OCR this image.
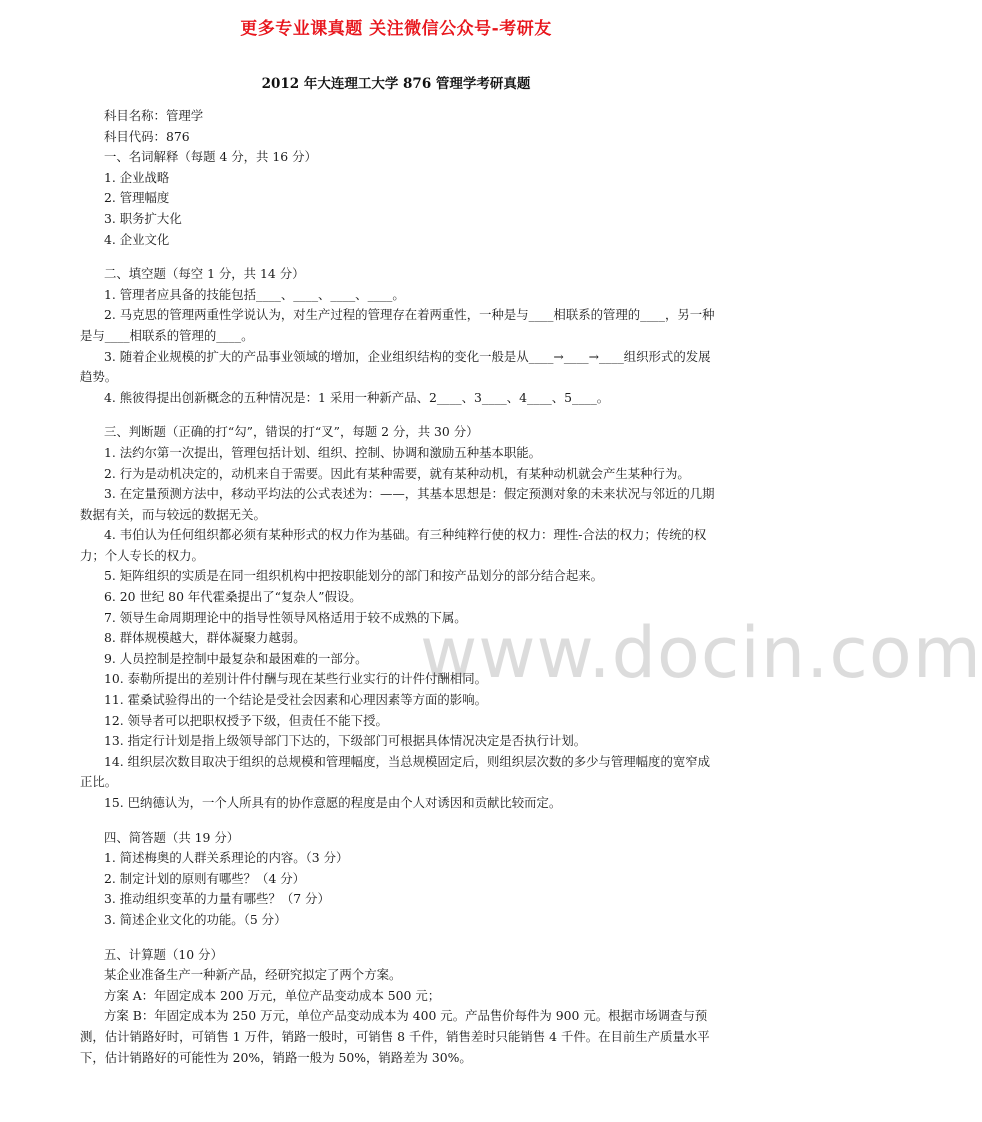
更多专业课真题 关注微信公众号-考研友
2012 年大连理工大学 876 管理学考研真题
科目名称：管理学
科目代码：876
一、名词解释（每题 4 分，共 16 分）
1. 企业战略
2. 管理幅度
3. 职务扩大化
4. 企业文化
二、填空题（每空 1 分，共 14 分）
1. 管理者应具备的技能包括____、____、____、____。
2. 马克思的管理两重性学说认为，对生产过程的管理存在着两重性，一种是与____相联系的管理的____，另一种是与____相联系的管理的____。
3. 随着企业规模的扩大的产品事业领域的增加，企业组织结构的变化一般是从____→____→____组织形式的发展趋势。
4. 熊彼得提出创新概念的五种情况是：1 采用一种新产品、2____、3____、4____、5____。
三、判断题（正确的打“勾”，错误的打“叉”，每题 2 分，共 30 分）
1. 法约尔第一次提出，管理包括计划、组织、控制、协调和激励五种基本职能。
2. 行为是动机决定的，动机来自于需要。因此有某种需要，就有某种动机，有某种动机就会产生某种行为。
3. 在定量预测方法中，移动平均法的公式表述为：——，其基本思想是：假定预测对象的未来状况与邻近的几期数据有关，而与较远的数据无关。
4. 韦伯认为任何组织都必须有某种形式的权力作为基础。有三种纯粹行使的权力：理性-合法的权力；传统的权力；个人专长的权力。
5. 矩阵组织的实质是在同一组织机构中把按职能划分的部门和按产品划分的部分结合起来。
6. 20 世纪 80 年代霍桑提出了“复杂人”假设。
7. 领导生命周期理论中的指导性领导风格适用于较不成熟的下属。
8. 群体规模越大，群体凝聚力越弱。
9. 人员控制是控制中最复杂和最困难的一部分。
10. 泰勒所提出的差别计件付酬与现在某些行业实行的计件付酬相同。
11. 霍桑试验得出的一个结论是受社会因素和心理因素等方面的影响。
12. 领导者可以把职权授予下级，但责任不能下授。
13. 指定行计划是指上级领导部门下达的，下级部门可根据具体情况决定是否执行计划。
14. 组织层次数目取决于组织的总规模和管理幅度，当总规模固定后，则组织层次数的多少与管理幅度的宽窄成正比。
15. 巴纳德认为，一个人所具有的协作意愿的程度是由个人对诱因和贡献比较而定。
四、简答题（共 19 分）
1. 简述梅奥的人群关系理论的内容。（3 分）
2. 制定计划的原则有哪些？（4 分）
3. 推动组织变革的力量有哪些？（7 分）
3. 简述企业文化的功能。（5 分）
五、计算题（10 分）
某企业准备生产一种新产品，经研究拟定了两个方案。
方案 A：年固定成本 200 万元，单位产品变动成本 500 元；
方案 B：年固定成本为 250 万元，单位产品变动成本为 400 元。产品售价每件为 900 元。根据市场调查与预测，估计销路好时，可销售 1 万件，销路一般时，可销售 8 千件，销售差时只能销售 4 千件。在目前生产质量水平下，估计销路好的可能性为 20%，销路一般为 50%，销路差为 30%。
www.docin.com
